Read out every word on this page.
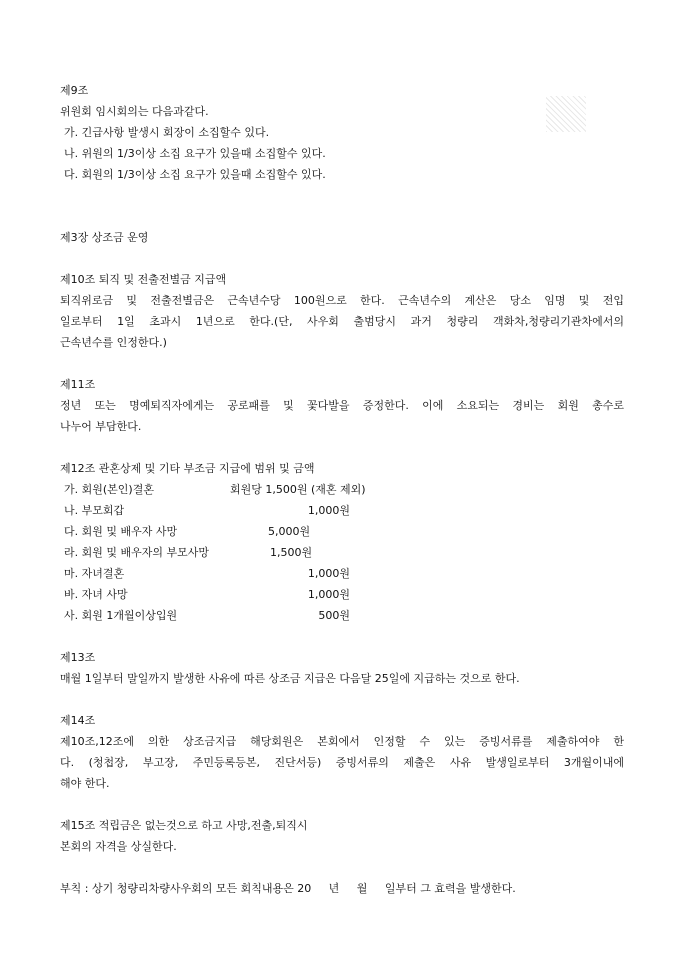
제9조
위원회 임시회의는 다음과같다.
가. 긴급사항 발생시 회장이 소집할수 있다.
나. 위원의 1/3이상 소집 요구가 있을때 소집할수 있다.
다. 회원의 1/3이상 소집 요구가 있을때 소집할수 있다.
제3장 상조금 운영
제10조 퇴직 및 전출전별금 지급액
퇴직위로금 및 전출전별금은 근속년수당 100원으로 한다. 근속년수의 계산은 당소 임명 및 전입
일로부터 1일 초과시 1년으로 한다.(단, 사우회 출범당시 과거 청량리 객화차,청량리기관차에서의
근속년수를 인정한다.)
제11조
정년 또는 명예퇴직자에게는 공로패를 및 꽃다발을 증정한다. 이에 소요되는 경비는 회원 총수로
나누어 부담한다.
제12조 관혼상제 및 기타 부조금 지급에 범위 및 금액
가. 회원(본인)결혼	회원당 1,500원 (재혼 제외)
나. 부모회갑	1,000원
다. 회원 및 배우자 사망	5,000원
라. 회원 및 배우자의 부모사망	1,500원
마. 자녀결혼	1,000원
바. 자녀 사망	1,000원
사. 회원 1개월이상입원	500원
제13조
매월 1일부터 말일까지 발생한 사유에 따른 상조금 지급은 다음달 25일에 지급하는 것으로 한다.
제14조
제10조,12조에 의한 상조금지급 해당회원은 본회에서 인정할 수 있는 증빙서류를 제출하여야 한
다. (청첩장, 부고장, 주민등록등본, 진단서등) 증빙서류의 제출은 사유 발생일로부터 3개월이내에
해야 한다.
제15조 적립금은 없는것으로 하고 사망,전출,퇴직시
본회의 자격을 상실한다.
부칙 : 상기 청량리차량사우회의 모든 회칙내용은 20     년     월     일부터 그 효력을 발생한다.
